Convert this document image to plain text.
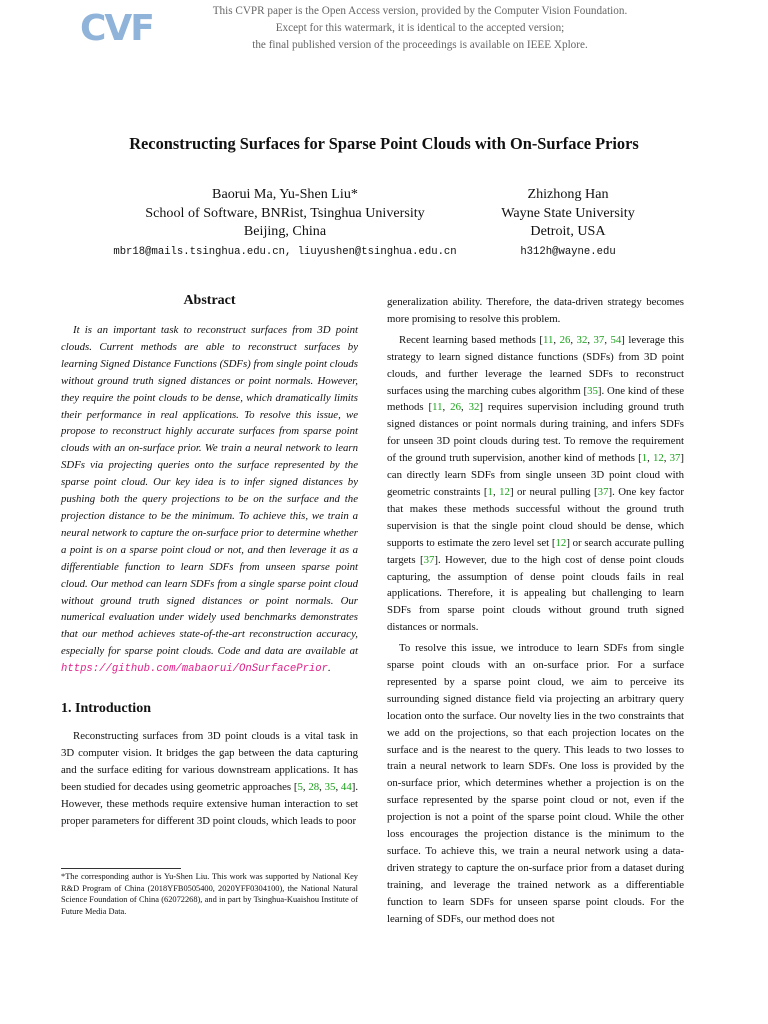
CVF	This CVPR paper is the Open Access version, provided by the Computer Vision Foundation.
Except for this watermark, it is identical to the accepted version;
the final published version of the proceedings is available on IEEE Xplore.
Reconstructing Surfaces for Sparse Point Clouds with On-Surface Priors
Baorui Ma, Yu-Shen Liu*
School of Software, BNRist, Tsinghua University
Beijing, China
mbr18@mails.tsinghua.edu.cn, liuyushen@tsinghua.edu.cn
Zhizhong Han
Wayne State University
Detroit, USA
h312h@wayne.edu
Abstract

It is an important task to reconstruct surfaces from 3D point clouds. Current methods are able to reconstruct surfaces by learning Signed Distance Functions (SDFs) from single point clouds without ground truth signed distances or point normals. However, they require the point clouds to be dense, which dramatically limits their performance in real applications. To resolve this issue, we propose to reconstruct highly accurate surfaces from sparse point clouds with an on-surface prior. We train a neural network to learn SDFs via projecting queries onto the surface represented by the sparse point cloud. Our key idea is to infer signed distances by pushing both the query projections to be on the surface and the projection distance to be the minimum. To achieve this, we train a neural network to capture the on-surface prior to determine whether a point is on a sparse point cloud or not, and then leverage it as a differentiable function to learn SDFs from unseen sparse point cloud. Our method can learn SDFs from a single sparse point cloud without ground truth signed distances or point normals. Our numerical evaluation under widely used benchmarks demonstrates that our method achieves state-of-the-art reconstruction accuracy, especially for sparse point clouds. Code and data are available at https://github.com/mabaorui/OnSurfacePrior.

1. Introduction

Reconstructing surfaces from 3D point clouds is a vital task in 3D computer vision. It bridges the gap between the data capturing and the surface editing for various downstream applications. It has been studied for decades using geometric approaches [5, 28, 35, 44]. However, these methods require extensive human interaction to set proper parameters for different 3D point clouds, which leads to poor

*The corresponding author is Yu-Shen Liu. This work was supported by National Key R&D Program of China (2018YFB0505400, 2020YFF0304100), the National Natural Science Foundation of China (62072268), and in part by Tsinghua-Kuaishou Institute of Future Media Data.

generalization ability. Therefore, the data-driven strategy becomes more promising to resolve this problem.

Recent learning based methods [11, 26, 32, 37, 54] leverage this strategy to learn signed distance functions (SDFs) from 3D point clouds, and further leverage the learned SDFs to reconstruct surfaces using the marching cubes algorithm [35]. One kind of these methods [11, 26, 32] requires supervision including ground truth signed distances or point normals during training, and infers SDFs for unseen 3D point clouds during test. To remove the requirement of the ground truth supervision, another kind of methods [1, 12, 37] can directly learn SDFs from single unseen 3D point cloud with geometric constraints [1, 12] or neural pulling [37]. One key factor that makes these methods successful without the ground truth supervision is that the single point cloud should be dense, which supports to estimate the zero level set [12] or search accurate pulling targets [37]. However, due to the high cost of dense point clouds capturing, the assumption of dense point clouds fails in real applications. Therefore, it is appealing but challenging to learn SDFs from sparse point clouds without ground truth signed distances or normals.

To resolve this issue, we introduce to learn SDFs from single sparse point clouds with an on-surface prior. For a surface represented by a sparse point cloud, we aim to perceive its surrounding signed distance field via projecting an arbitrary query location onto the surface. Our novelty lies in the two constraints that we add on the projections, so that each projection locates on the surface and is the nearest to the query. This leads to two losses to train a neural network to learn SDFs. One loss is provided by the on-surface prior, which determines whether a projection is on the surface represented by the sparse point cloud or not, even if the projection is not a point of the sparse point cloud. While the other loss encourages the projection distance is the minimum to the surface. To achieve this, we train a neural network using a data-driven strategy to capture the on-surface prior from a dataset during training, and leverage the trained network as a differentiable function to learn SDFs for unseen sparse point clouds. For the learning of SDFs, our method does not
